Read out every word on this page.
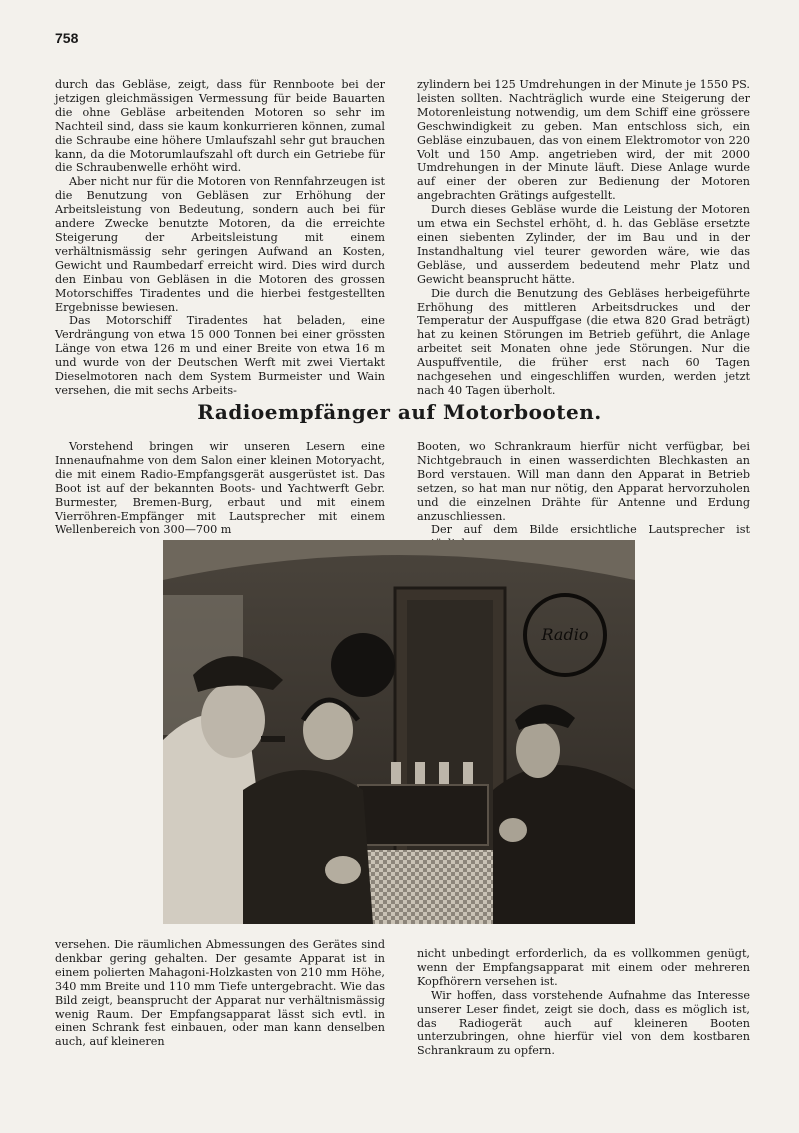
758

durch das Gebläse, zeigt, dass für Rennboote bei der jetzigen gleichmässigen Vermessung für beide Bauarten die ohne Gebläse arbeitenden Motoren so sehr im Nachteil sind, dass sie kaum konkurrieren können, zumal die Schraube eine höhere Umlaufszahl sehr gut brauchen kann, da die Motorumlaufszahl oft durch ein Getriebe für die Schraubenwelle erhöht wird.

Aber nicht nur für die Motoren von Rennfahrzeugen ist die Benutzung von Gebläsen zur Erhöhung der Arbeitsleistung von Bedeutung, sondern auch bei für andere Zwecke benutzte Motoren, da die erreichte Steigerung der Arbeitsleistung mit einem verhältnismässig sehr geringen Aufwand an Kosten, Gewicht und Raumbedarf erreicht wird. Dies wird durch den Einbau von Gebläsen in die Motoren des grossen Motorschiffes Tiradentes und die hierbei festgestellten Ergebnisse bewiesen.

Das Motorschiff Tiradentes hat beladen, eine Verdrängung von etwa 15 000 Tonnen bei einer grössten Länge von etwa 126 m und einer Breite von etwa 16 m und wurde von der Deutschen Werft mit zwei Viertakt Dieselmotoren nach dem System Burmeister und Wain versehen, die mit sechs Arbeits-

zylindern bei 125 Umdrehungen in der Minute je 1550 PS. leisten sollten. Nachträglich wurde eine Steigerung der Motorenleistung notwendig, um dem Schiff eine grössere Geschwindigkeit zu geben. Man entschloss sich, ein Gebläse einzubauen, das von einem Elektromotor von 220 Volt und 150 Amp. angetrieben wird, der mit 2000 Umdrehungen in der Minute läuft. Diese Anlage wurde auf einer der oberen zur Bedienung der Motoren angebrachten Grätings aufgestellt.

Durch dieses Gebläse wurde die Leistung der Motoren um etwa ein Sechstel erhöht, d. h. das Gebläse ersetzte einen siebenten Zylinder, der im Bau und in der Instandhaltung viel teurer geworden wäre, wie das Gebläse, und ausserdem bedeutend mehr Platz und Gewicht beansprucht hätte.

Die durch die Benutzung des Gebläses herbeigeführte Erhöhung des mittleren Arbeitsdruckes und der Temperatur der Auspuffgase (die etwa 820 Grad beträgt) hat zu keinen Störungen im Betrieb geführt, die Anlage arbeitet seit Monaten ohne jede Störungen. Nur die Auspuffventile, die früher erst nach 60 Tagen nachgesehen und eingeschliffen wurden, werden jetzt nach 40 Tagen überholt.

Radioempfänger auf Motorbooten.

Vorstehend bringen wir unseren Lesern eine Innenaufnahme von dem Salon einer kleinen Motoryacht, die mit einem Radio-Empfangsgerät ausgerüstet ist. Das Boot ist auf der bekannten Boots- und Yachtwerft Gebr. Burmester, Bremen-Burg, erbaut und mit einem Vierröhren-Empfänger mit Lautsprecher mit einem Wellenbereich von 300—700 m

Booten, wo Schrankraum hierfür nicht verfügbar, bei Nichtgebrauch in einen wasserdichten Blechkasten an Bord verstauen. Will man dann den Apparat in Betrieb setzen, so hat man nur nötig, den Apparat hervorzuholen und die einzelnen Drähte für Antenne und Erdung anzuschliessen.

Der auf dem Bilde ersichtliche Lautsprecher ist

Radio

versehen. Die räumlichen Abmessungen des Gerätes sind denkbar gering gehalten. Der gesamte Apparat ist in einem polierten Mahagoni-Holzkasten von 210 mm Höhe, 340 mm Breite und 110 mm Tiefe untergebracht. Wie das Bild zeigt, beansprucht der Apparat nur verhältnismässig wenig Raum. Der Empfangsapparat lässt sich evtl. in einen Schrank fest einbauen, oder man kann denselben auch, auf kleineren

nicht unbedingt erforderlich, da es vollkommen genügt, wenn der Empfangsapparat mit einem oder mehreren Kopfhörern versehen ist.

Wir hoffen, dass vorstehende Aufnahme das Interesse unserer Leser findet, zeigt sie doch, dass es möglich ist, das Radiogerät auch auf kleineren Booten unterzubringen, ohne hierfür viel von dem kostbaren Schrankraum zu opfern.
